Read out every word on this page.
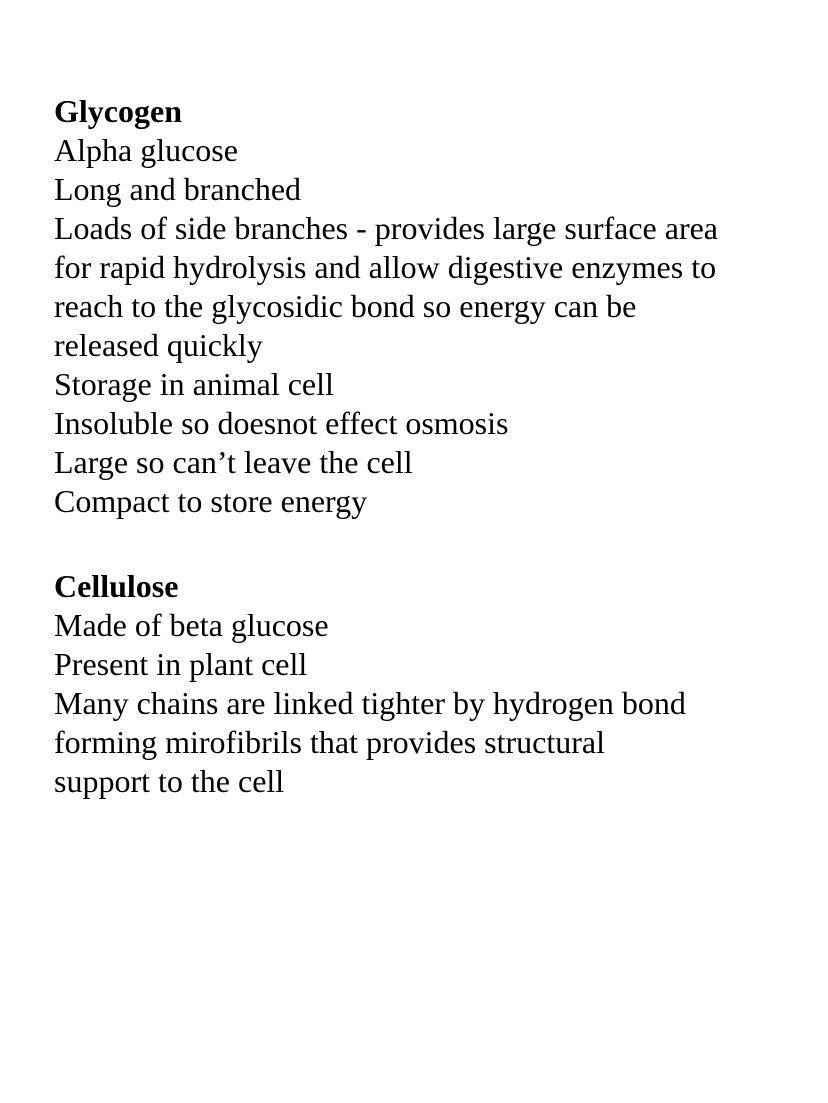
Glycogen

Alpha glucose

Long and branched

Loads of side branches - provides large surface area

for rapid hydrolysis and allow digestive enzymes to

reach to the glycosidic bond so energy can be

released quickly

Storage in animal cell

Insoluble so doesnot effect osmosis

Large so can’t leave the cell

Compact to store energy

Cellulose

Made of beta glucose

Present in plant cell

Many chains are linked tighter by hydrogen bond

forming mirofibrils that provides structural

support to the cell
